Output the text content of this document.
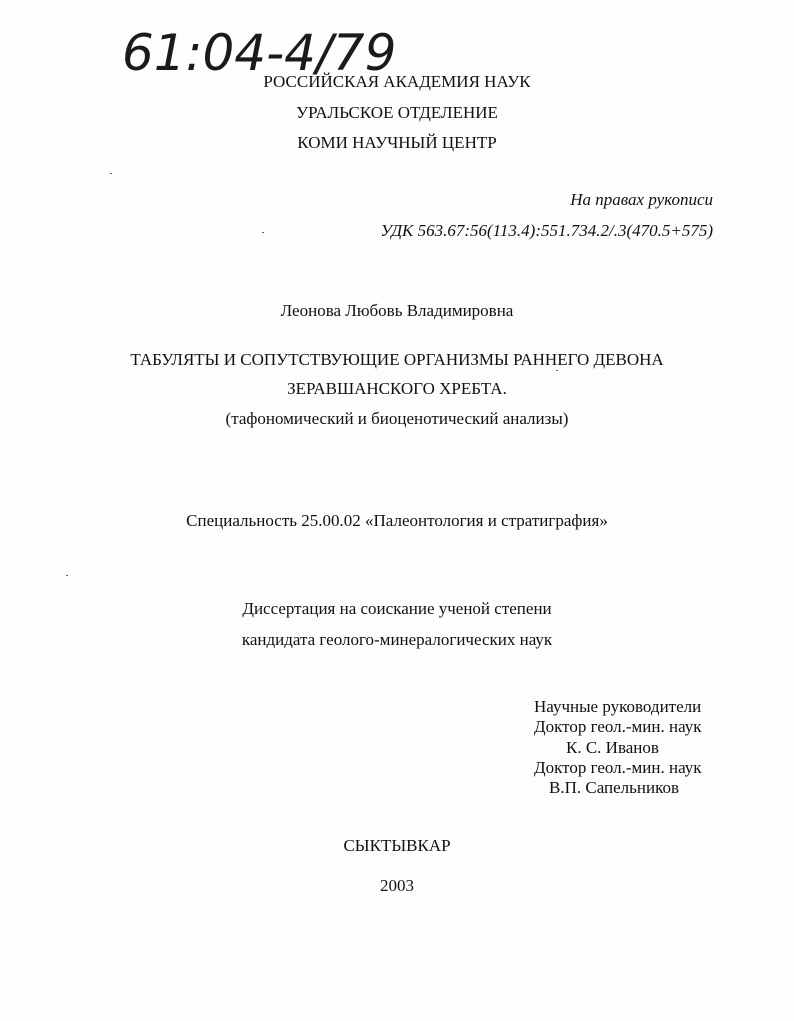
61:04-4/79
РОССИЙСКАЯ АКАДЕМИЯ НАУК
УРАЛЬСКОЕ ОТДЕЛЕНИЕ
КОМИ НАУЧНЫЙ ЦЕНТР
На правах рукописи
УДК 563.67:56(113.4):551.734.2/.3(470.5+575)
Леонова Любовь Владимировна
ТАБУЛЯТЫ И СОПУТСТВУЮЩИЕ ОРГАНИЗМЫ РАННЕГО ДЕВОНА
ЗЕРАВШАНСКОГО ХРЕБТА.
(тафономический и биоценотический анализы)
Специальность 25.00.02 «Палеонтология и стратиграфия»
Диссертация на соискание ученой степени
кандидата геолого-минералогических наук
Научные руководители
Доктор геол.-мин. наук
К. С. Иванов
Доктор геол.-мин. наук
В.П. Сапельников
СЫКТЫВКАР
2003
